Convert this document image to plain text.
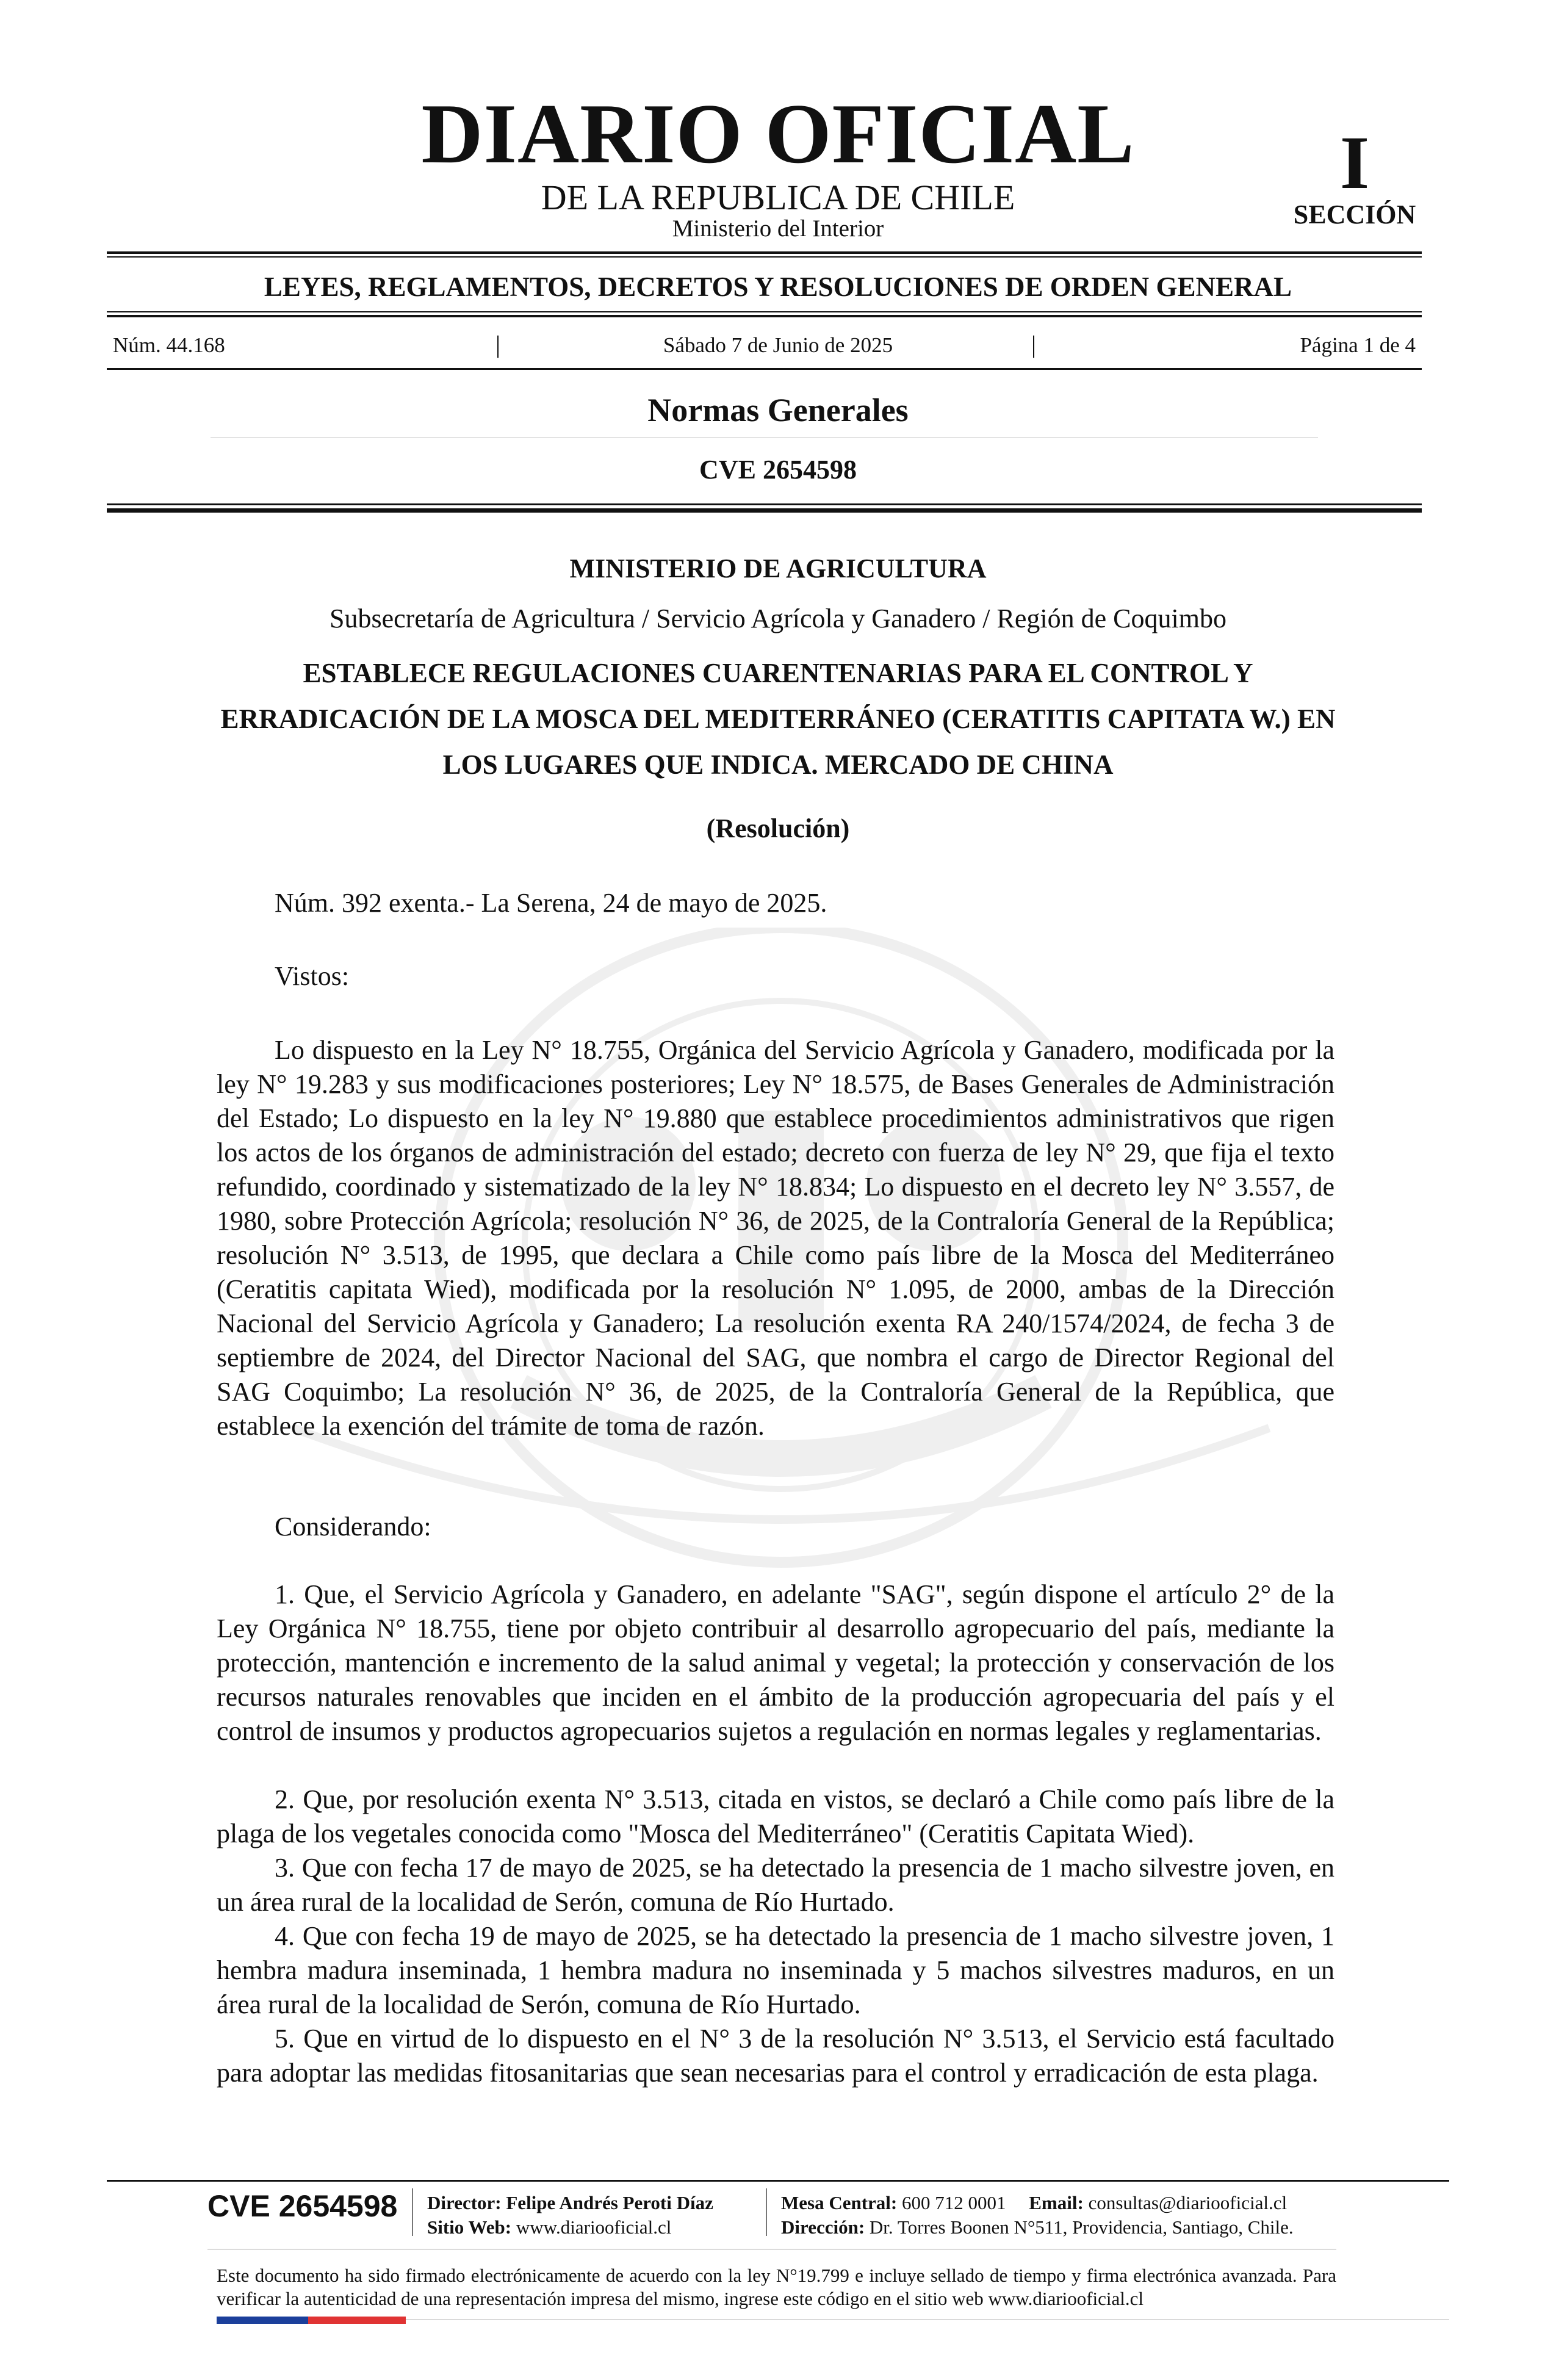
DIARIO OFICIAL
DE LA REPUBLICA DE CHILE
Ministerio del Interior
I
SECCIÓN
LEYES, REGLAMENTOS, DECRETOS Y RESOLUCIONES DE ORDEN GENERAL
Núm. 44.168	|	Sábado 7 de Junio de 2025	|	Página 1 de 4
Normas Generales
CVE 2654598
MINISTERIO DE AGRICULTURA
Subsecretaría de Agricultura / Servicio Agrícola y Ganadero / Región de Coquimbo
ESTABLECE REGULACIONES CUARENTENARIAS PARA EL CONTROL Y ERRADICACIÓN DE LA MOSCA DEL MEDITERRÁNEO (CERATITIS CAPITATA W.) EN LOS LUGARES QUE INDICA. MERCADO DE CHINA
(Resolución)
Núm. 392 exenta.- La Serena, 24 de mayo de 2025.
Vistos:
Lo dispuesto en la Ley N° 18.755, Orgánica del Servicio Agrícola y Ganadero, modificada por la ley N° 19.283 y sus modificaciones posteriores; Ley N° 18.575, de Bases Generales de Administración del Estado; Lo dispuesto en la ley N° 19.880 que establece procedimientos administrativos que rigen los actos de los órganos de administración del estado; decreto con fuerza de ley N° 29, que fija el texto refundido, coordinado y sistematizado de la ley N° 18.834; Lo dispuesto en el decreto ley N° 3.557, de 1980, sobre Protección Agrícola; resolución N° 36, de 2025, de la Contraloría General de la República; resolución N° 3.513, de 1995, que declara a Chile como país libre de la Mosca del Mediterráneo (Ceratitis capitata Wied), modificada por la resolución N° 1.095, de 2000, ambas de la Dirección Nacional del Servicio Agrícola y Ganadero; La resolución exenta RA 240/1574/2024, de fecha 3 de septiembre de 2024, del Director Nacional del SAG, que nombra el cargo de Director Regional del SAG Coquimbo; La resolución N° 36, de 2025, de la Contraloría General de la República, que establece la exención del trámite de toma de razón.
Considerando:
1. Que, el Servicio Agrícola y Ganadero, en adelante "SAG", según dispone el artículo 2° de la Ley Orgánica N° 18.755, tiene por objeto contribuir al desarrollo agropecuario del país, mediante la protección, mantención e incremento de la salud animal y vegetal; la protección y conservación de los recursos naturales renovables que inciden en el ámbito de la producción agropecuaria del país y el control de insumos y productos agropecuarios sujetos a regulación en normas legales y reglamentarias.
2. Que, por resolución exenta N° 3.513, citada en vistos, se declaró a Chile como país libre de la plaga de los vegetales conocida como "Mosca del Mediterráneo" (Ceratitis Capitata Wied).
3. Que con fecha 17 de mayo de 2025, se ha detectado la presencia de 1 macho silvestre joven, en un área rural de la localidad de Serón, comuna de Río Hurtado.
4. Que con fecha 19 de mayo de 2025, se ha detectado la presencia de 1 macho silvestre joven, 1 hembra madura inseminada, 1 hembra madura no inseminada y 5 machos silvestres maduros, en un área rural de la localidad de Serón, comuna de Río Hurtado.
5. Que en virtud de lo dispuesto en el N° 3 de la resolución N° 3.513, el Servicio está facultado para adoptar las medidas fitosanitarias que sean necesarias para el control y erradicación de esta plaga.
CVE 2654598 Director: Felipe Andrés Peroti Díaz
Sitio Web: www.diariooficial.cl
Mesa Central: 600 712 0001 Email: consultas@diariooficial.cl
Dirección: Dr. Torres Boonen N°511, Providencia, Santiago, Chile.
Este documento ha sido firmado electrónicamente de acuerdo con la ley N°19.799 e incluye sellado de tiempo y firma electrónica avanzada. Para verificar la autenticidad de una representación impresa del mismo, ingrese este código en el sitio web www.diariooficial.cl
